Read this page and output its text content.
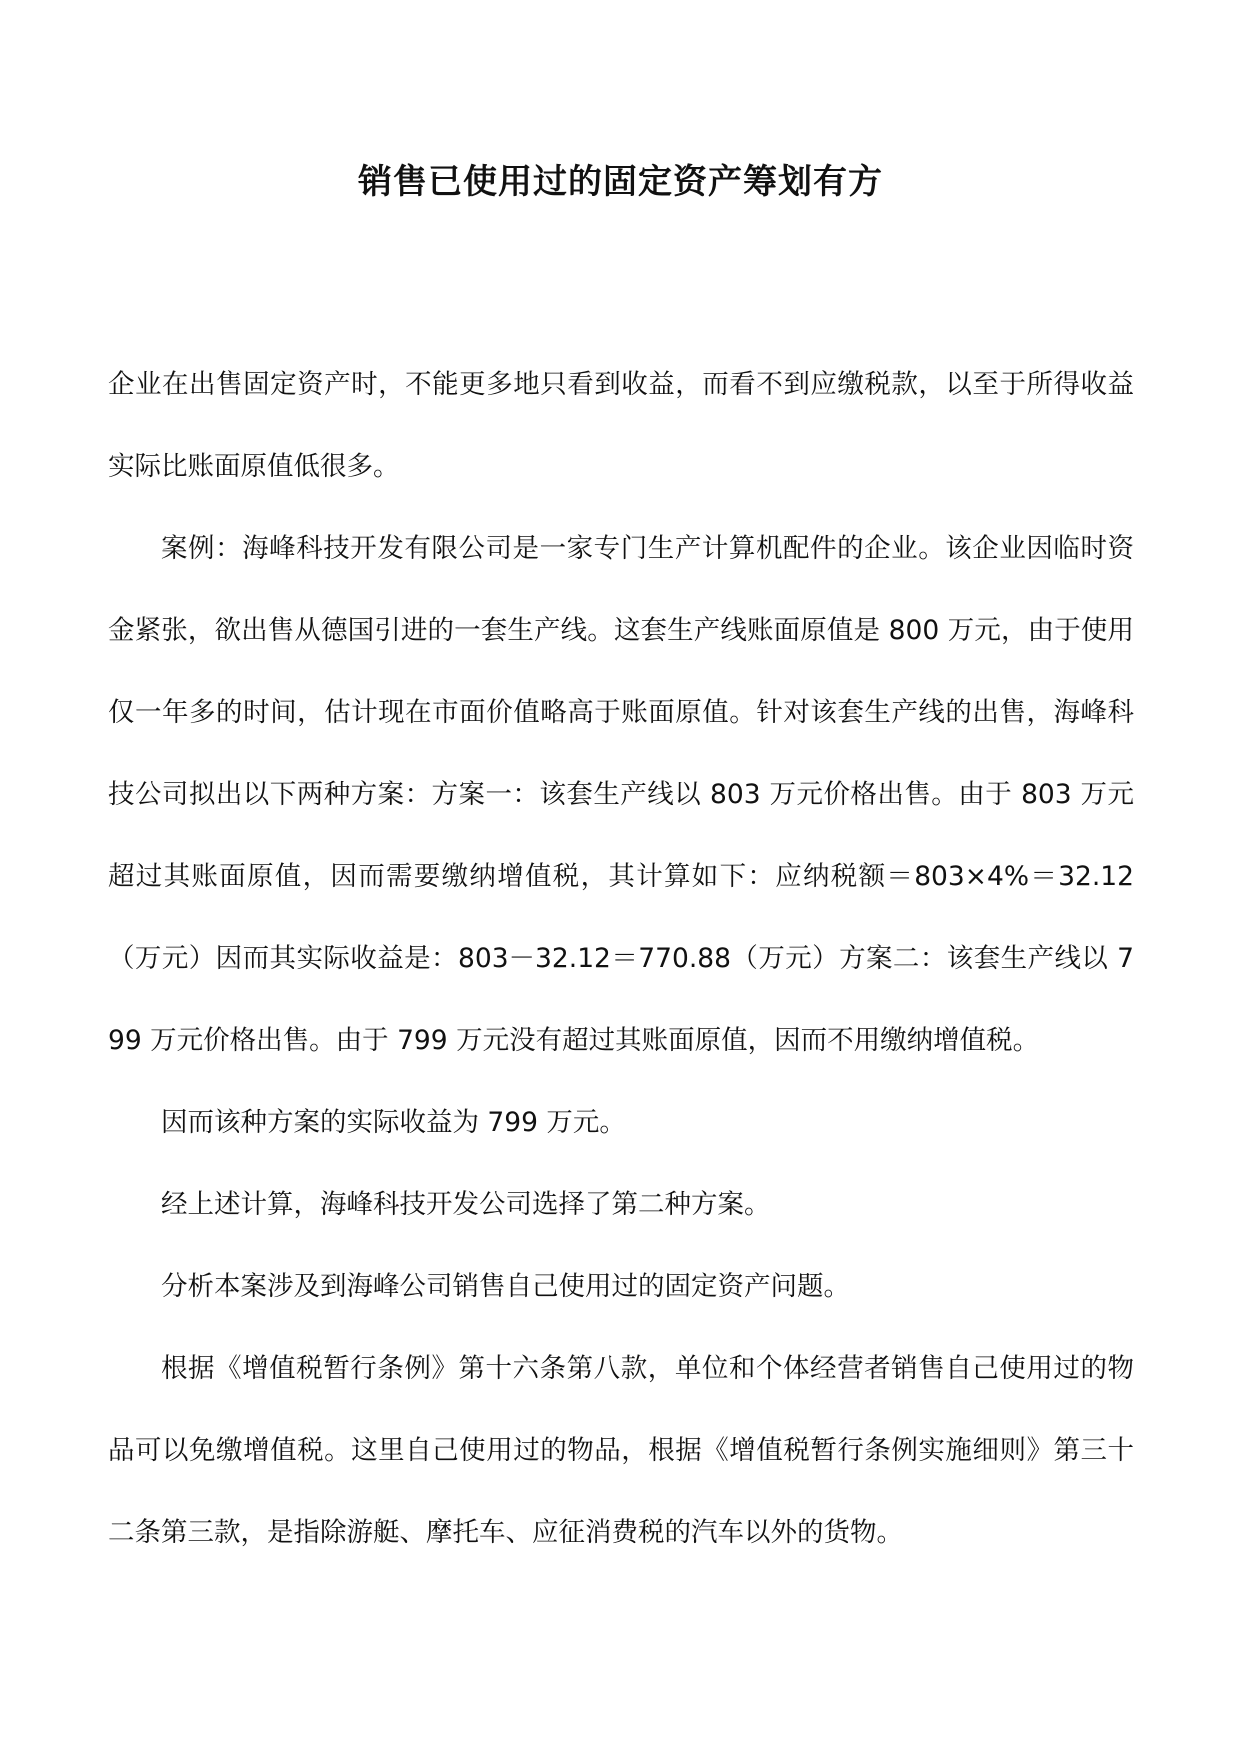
销售已使用过的固定资产筹划有方

企业在出售固定资产时，不能更多地只看到收益，而看不到应缴税款，以至于所得收益实际比账面原值低很多。

案例：海峰科技开发有限公司是一家专门生产计算机配件的企业。该企业因临时资金紧张，欲出售从德国引进的一套生产线。这套生产线账面原值是 800 万元，由于使用仅一年多的时间，估计现在市面价值略高于账面原值。针对该套生产线的出售，海峰科技公司拟出以下两种方案：方案一：该套生产线以 803 万元价格出售。由于 803 万元超过其账面原值，因而需要缴纳增值税，其计算如下：应纳税额＝803×4%＝32.12（万元）因而其实际收益是：803－32.12＝770.88（万元）方案二：该套生产线以 799 万元价格出售。由于 799 万元没有超过其账面原值，因而不用缴纳增值税。

因而该种方案的实际收益为 799 万元。

经上述计算，海峰科技开发公司选择了第二种方案。

分析本案涉及到海峰公司销售自己使用过的固定资产问题。

根据《增值税暂行条例》第十六条第八款，单位和个体经营者销售自己使用过的物品可以免缴增值税。这里自己使用过的物品，根据《增值税暂行条例实施细则》第三十二条第三款，是指除游艇、摩托车、应征消费税的汽车以外的货物。
